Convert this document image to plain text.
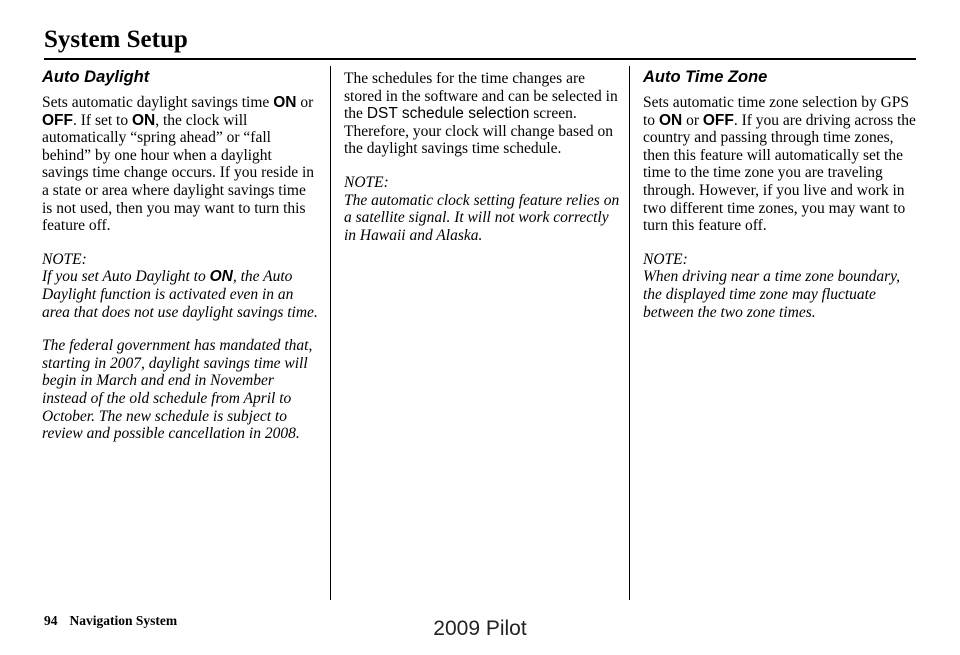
System Setup
Auto Daylight

Sets automatic daylight savings time ON or OFF. If set to ON, the clock will automatically “spring ahead” or “fall behind” by one hour when a daylight savings time change occurs. If you reside in a state or area where daylight savings time is not used, then you may want to turn this feature off.

NOTE:

If you set Auto Daylight to ON, the Auto Daylight function is activated even in an area that does not use daylight savings time.

The federal government has mandated that, starting in 2007, daylight savings time will begin in March and end in November instead of the old schedule from April to October. The new schedule is subject to review and possible cancellation in 2008.

The schedules for the time changes are stored in the software and can be selected in the DST schedule selection screen. Therefore, your clock will change based on the daylight savings time schedule.

NOTE:

The automatic clock setting feature relies on a satellite signal. It will not work correctly in Hawaii and Alaska.

Auto Time Zone

Sets automatic time zone selection by GPS to ON or OFF. If you are driving across the country and passing through time zones, then this feature will automatically set the time to the time zone you are traveling through. However, if you live and work in two different time zones, you may want to turn this feature off.

NOTE:

When driving near a time zone boundary, the displayed time zone may fluctuate between the two zone times.

94 Navigation System	2009 Pilot
